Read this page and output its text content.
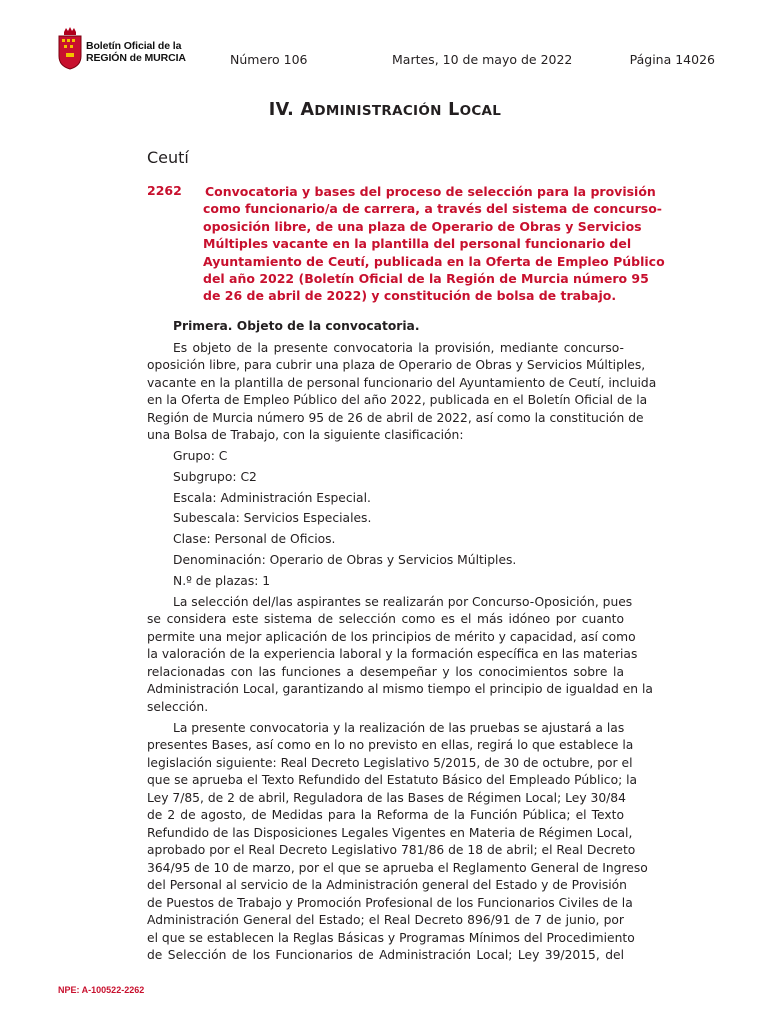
Boletín Oficial de la
REGIÓN de MURCIA	Número 106	Martes, 10 de mayo de 2022	Página 14026
IV. ADMINISTRACIÓN LOCAL
Ceutí
2262 Convocatoria y bases del proceso de selección para la provisión
como funcionario/a de carrera, a través del sistema de concurso-
oposición libre, de una plaza de Operario de Obras y Servicios
Múltiples vacante en la plantilla del personal funcionario del
Ayuntamiento de Ceutí, publicada en la Oferta de Empleo Público
del año 2022 (Boletín Oficial de la Región de Murcia número 95
de 26 de abril de 2022) y constitución de bolsa de trabajo.

Primera. Objeto de la convocatoria.

Es objeto de la presente convocatoria la provisión, mediante concurso-
oposición libre, para cubrir una plaza de Operario de Obras y Servicios Múltiples,
vacante en la plantilla de personal funcionario del Ayuntamiento de Ceutí, incluida
en la Oferta de Empleo Público del año 2022, publicada en el Boletín Oficial de la
Región de Murcia número 95 de 26 de abril de 2022, así como la constitución de
una Bolsa de Trabajo, con la siguiente clasificación:

Grupo: C
Subgrupo: C2
Escala: Administración Especial.
Subescala: Servicios Especiales.
Clase: Personal de Oficios.
Denominación: Operario de Obras y Servicios Múltiples.
N.º de plazas: 1

La selección del/las aspirantes se realizarán por Concurso-Oposición, pues
se considera este sistema de selección como es el más idóneo por cuanto
permite una mejor aplicación de los principios de mérito y capacidad, así como
la valoración de la experiencia laboral y la formación específica en las materias
relacionadas con las funciones a desempeñar y los conocimientos sobre la
Administración Local, garantizando al mismo tiempo el principio de igualdad en la
selección.

La presente convocatoria y la realización de las pruebas se ajustará a las
presentes Bases, así como en lo no previsto en ellas, regirá lo que establece la
legislación siguiente: Real Decreto Legislativo 5/2015, de 30 de octubre, por el
que se aprueba el Texto Refundido del Estatuto Básico del Empleado Público; la
Ley 7/85, de 2 de abril, Reguladora de las Bases de Régimen Local; Ley 30/84
de 2 de agosto, de Medidas para la Reforma de la Función Pública; el Texto
Refundido de las Disposiciones Legales Vigentes en Materia de Régimen Local,
aprobado por el Real Decreto Legislativo 781/86 de 18 de abril; el Real Decreto
364/95 de 10 de marzo, por el que se aprueba el Reglamento General de Ingreso
del Personal al servicio de la Administración general del Estado y de Provisión
de Puestos de Trabajo y Promoción Profesional de los Funcionarios Civiles de la
Administración General del Estado; el Real Decreto 896/91 de 7 de junio, por
el que se establecen la Reglas Básicas y Programas Mínimos del Procedimiento
de Selección de los Funcionarios de Administración Local; Ley 39/2015, del

NPE: A-100522-2262
